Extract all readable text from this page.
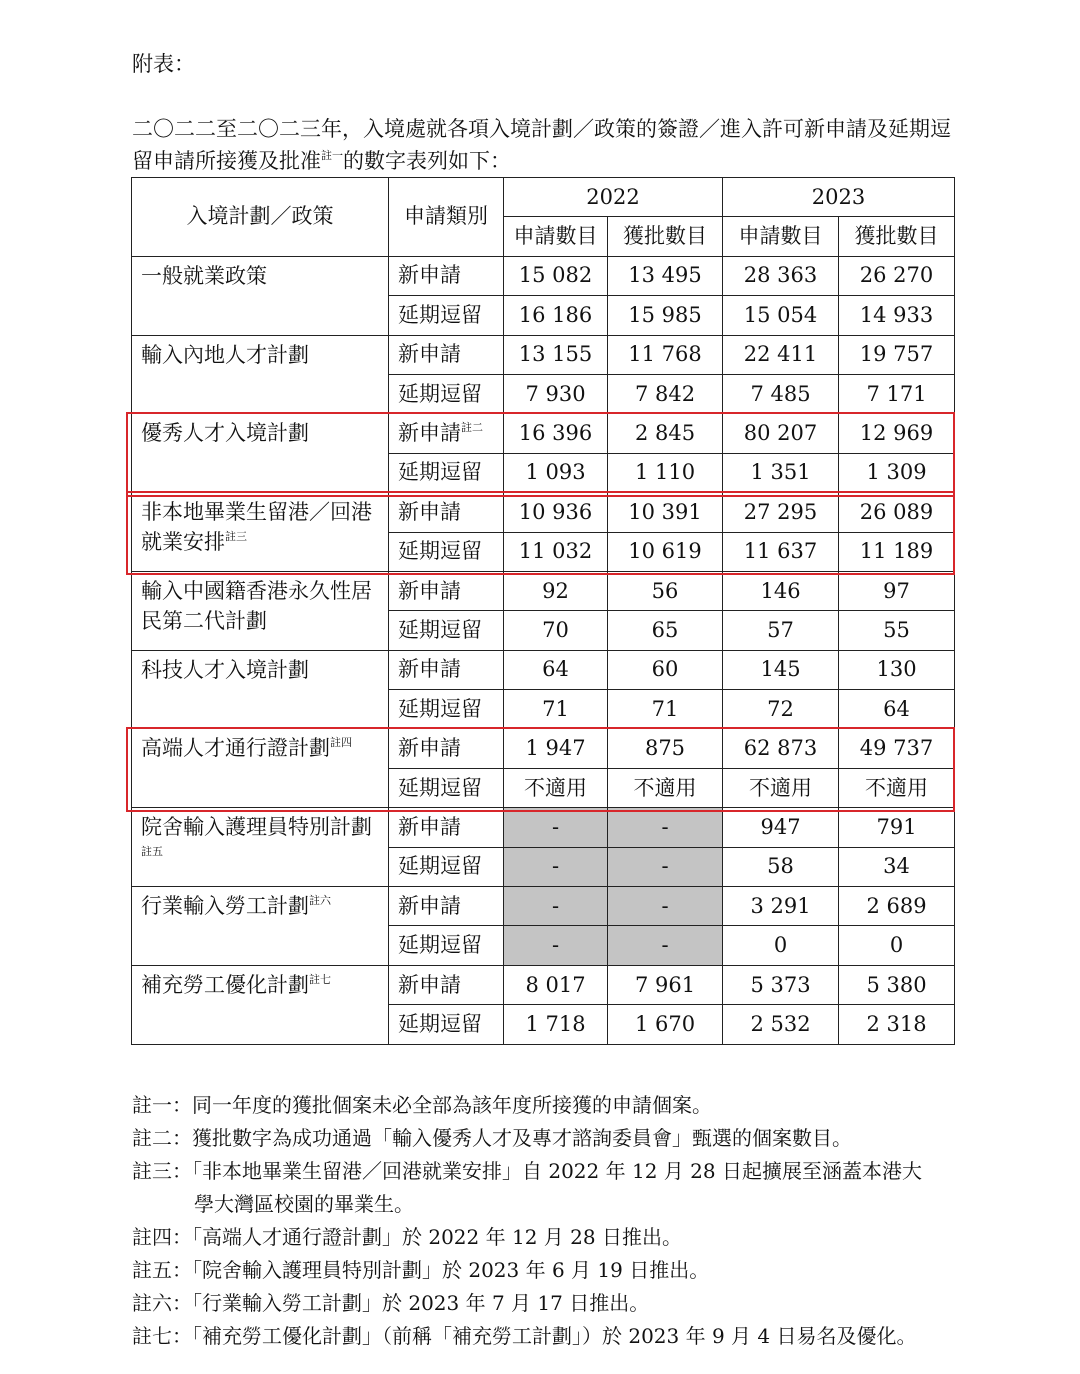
附表：
二〇二二至二〇二三年，入境處就各項入境計劃／政策的簽證／進入許可新申請及延期逗留申請所接獲及批准$^{註一}$的數字表列如下：
入境計劃／政策	申請類別	2022		2023	
		申請數目	獲批數目	申請數目	獲批數目
一般就業政策	新申請	15 082	13 495	28 363	26 270
	延期逗留	16 186	15 985	15 054	14 933
輸入內地人才計劃	新申請	13 155	11 768	22 411	19 757
	延期逗留	7 930	7 842	7 485	7 171
優秀人才入境計劃	新申請$^{註二}$	16 396	2 845	80 207	12 969
	延期逗留	1 093	1 110	1 351	1 309
非本地畢業生留港／回港就業安排$^{註三}$	新申請	10 936	10 391	27 295	26 089
	延期逗留	11 032	10 619	11 637	11 189
輸入中國籍香港永久性居民第二代計劃	新申請	92	56	146	97
	延期逗留	70	65	57	55
科技人才入境計劃	新申請	64	60	145	130
	延期逗留	71	71	72	64
高端人才通行證計劃$^{註四}$	新申請	1 947	875	62 873	49 737
	延期逗留	不適用	不適用	不適用	不適用
院舍輸入護理員特別計劃$^{註五}$	新申請	-	-	947	791
	延期逗留	-	-	58	34
行業輸入勞工計劃$^{註六}$	新申請	-	-	3 291	2 689
	延期逗留	-	-	0	0
補充勞工優化計劃$^{註七}$	新申請	8 017	7 961	5 373	5 380
	延期逗留	1 718	1 670	2 532	2 318
註一：同一年度的獲批個案未必全部為該年度所接獲的申請個案。
註二：獲批數字為成功通過「輸入優秀人才及專才諮詢委員會」甄選的個案數目。
註三：「非本地畢業生留港／回港就業安排」自 2022 年 12 月 28 日起擴展至涵蓋本港大
學大灣區校園的畢業生。
註四：「高端人才通行證計劃」於 2022 年 12 月 28 日推出。
註五：「院舍輸入護理員特別計劃」於 2023 年 6 月 19 日推出。
註六：「行業輸入勞工計劃」於 2023 年 7 月 17 日推出。
註七：「補充勞工優化計劃」（前稱「補充勞工計劃」）於 2023 年 9 月 4 日易名及優化。
